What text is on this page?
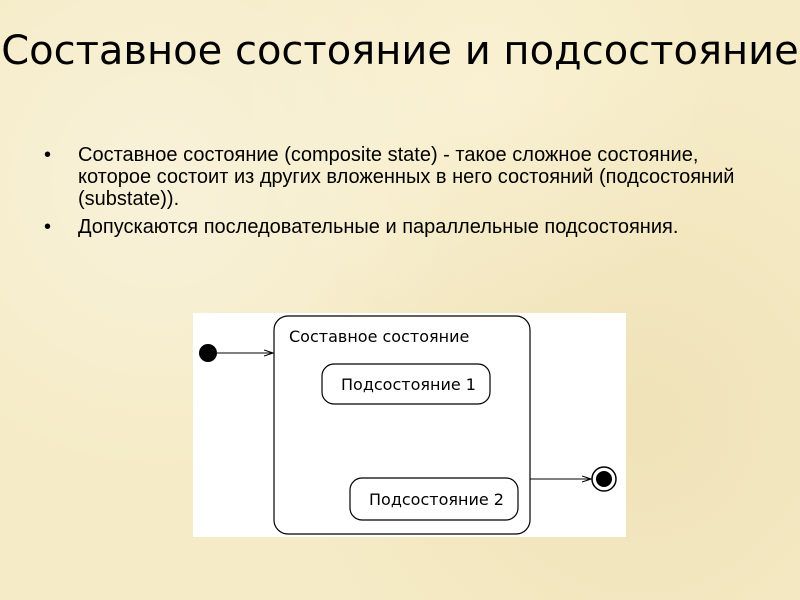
Составное состояние и подсостояние
• Составное состояние (composite state) - такое сложное состояние, которое состоит из других вложенных в него состояний (подсостояний (substate)).
• Допускаются последовательные и параллельные подсостояния.
Составное состояние
Подсостояние 1
Подсостояние 2
